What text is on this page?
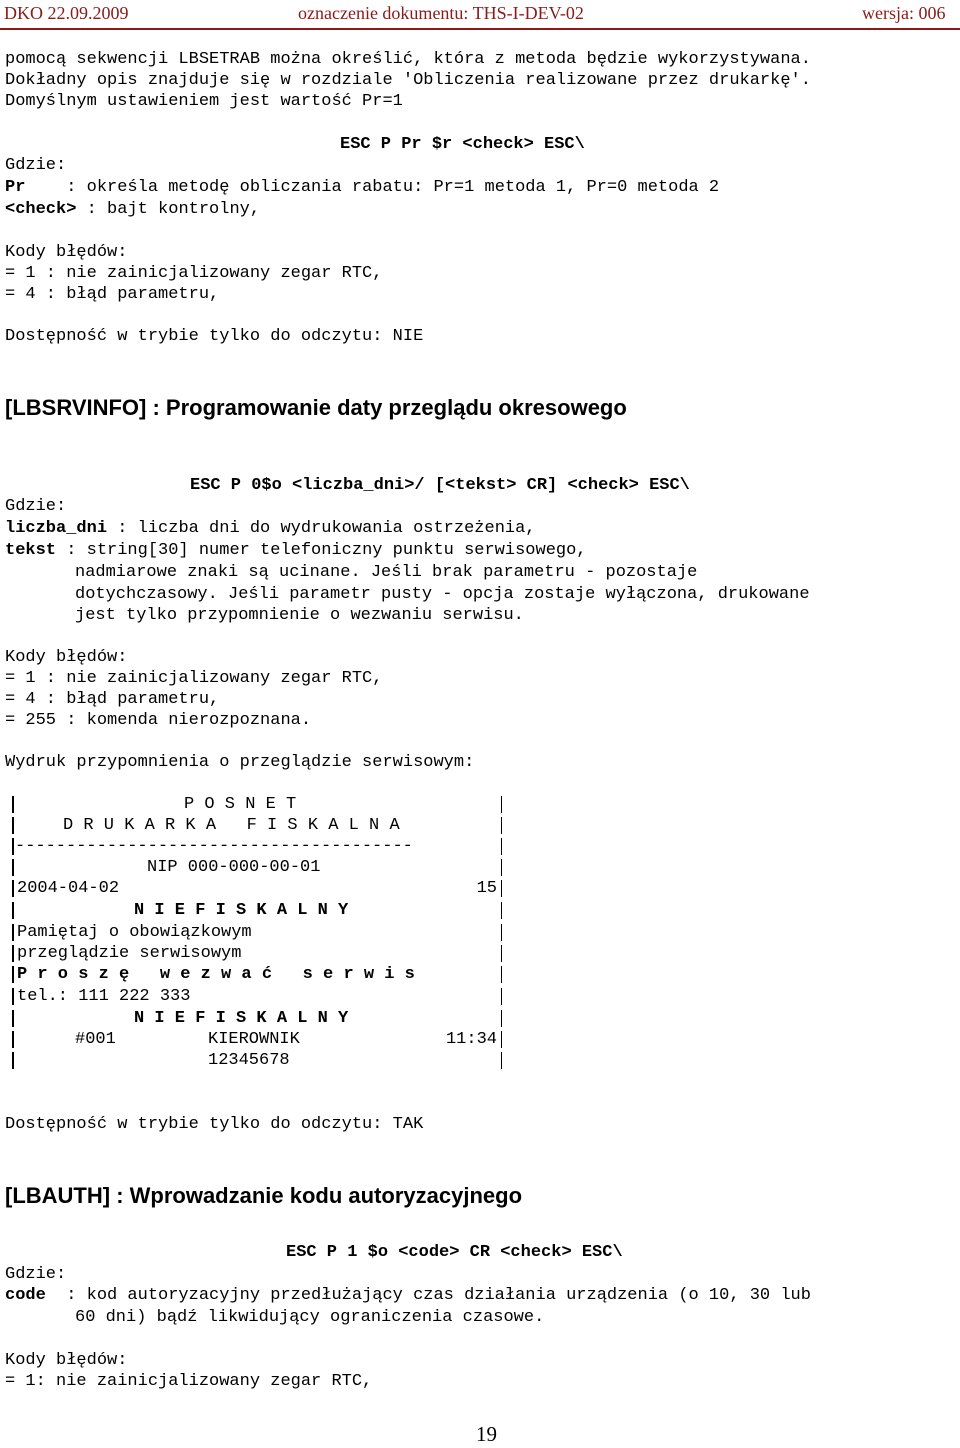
DKO 22.09.2009	oznaczenie dokumentu: THS-I-DEV-02	wersja: 006
pomocą sekwencji LBSETRAB można określić, która z metoda będzie wykorzystywana.
Dokładny opis znajduje się w rozdziale 'Obliczenia realizowane przez drukarkę'.
Domyślnym ustawieniem jest wartość Pr=1
ESC P Pr $r <check> ESC\
Gdzie:
Pr : określa metodę obliczania rabatu: Pr=1 metoda 1, Pr=0 metoda 2
<check> : bajt kontrolny,
Kody błędów:
= 1 : nie zainicjalizowany zegar RTC,
= 4 : błąd parametru,
Dostępność w trybie tylko do odczytu: NIE
[LBSRVINFO] : Programowanie daty przeglądu okresowego
ESC P 0$o <liczba_dni>/ [<tekst> CR] <check> ESC\
Gdzie:
liczba_dni : liczba dni do wydrukowania ostrzeżenia,
tekst : string[30] numer telefoniczny punktu serwisowego,
nadmiarowe znaki są ucinane. Jeśli brak parametru - pozostaje
dotychczasowy. Jeśli parametr pusty - opcja zostaje wyłączona, drukowane
jest tylko przypomnienie o wezwaniu serwisu.
Kody błędów:
= 1 : nie zainicjalizowany zegar RTC,
= 4 : błąd parametru,
= 255 : komenda nierozpoznana.
Wydruk przypomnienia o przeglądzie serwisowym:
P O S N E T
D R U K A R K A   F I S K A L N A
---------------------------------------
NIP 000-000-00-01
2004-04-02	15
N I E F I S K A L N Y
Pamiętaj o obowiązkowym
przeglądzie serwisowym
P r o s z ę   w e z w a ć   s e r w i s
tel.: 111 222 333
N I E F I S K A L N Y
#001	KIEROWNIK	11:34
12345678
Dostępność w trybie tylko do odczytu: TAK
[LBAUTH] : Wprowadzanie kodu autoryzacyjnego
ESC P 1 $o <code> CR <check> ESC\
Gdzie:
code  : kod autoryzacyjny przedłużający czas działania urządzenia (o 10, 30 lub
60 dni) bądź likwidujący ograniczenia czasowe.
Kody błędów:
= 1: nie zainicjalizowany zegar RTC,
19
